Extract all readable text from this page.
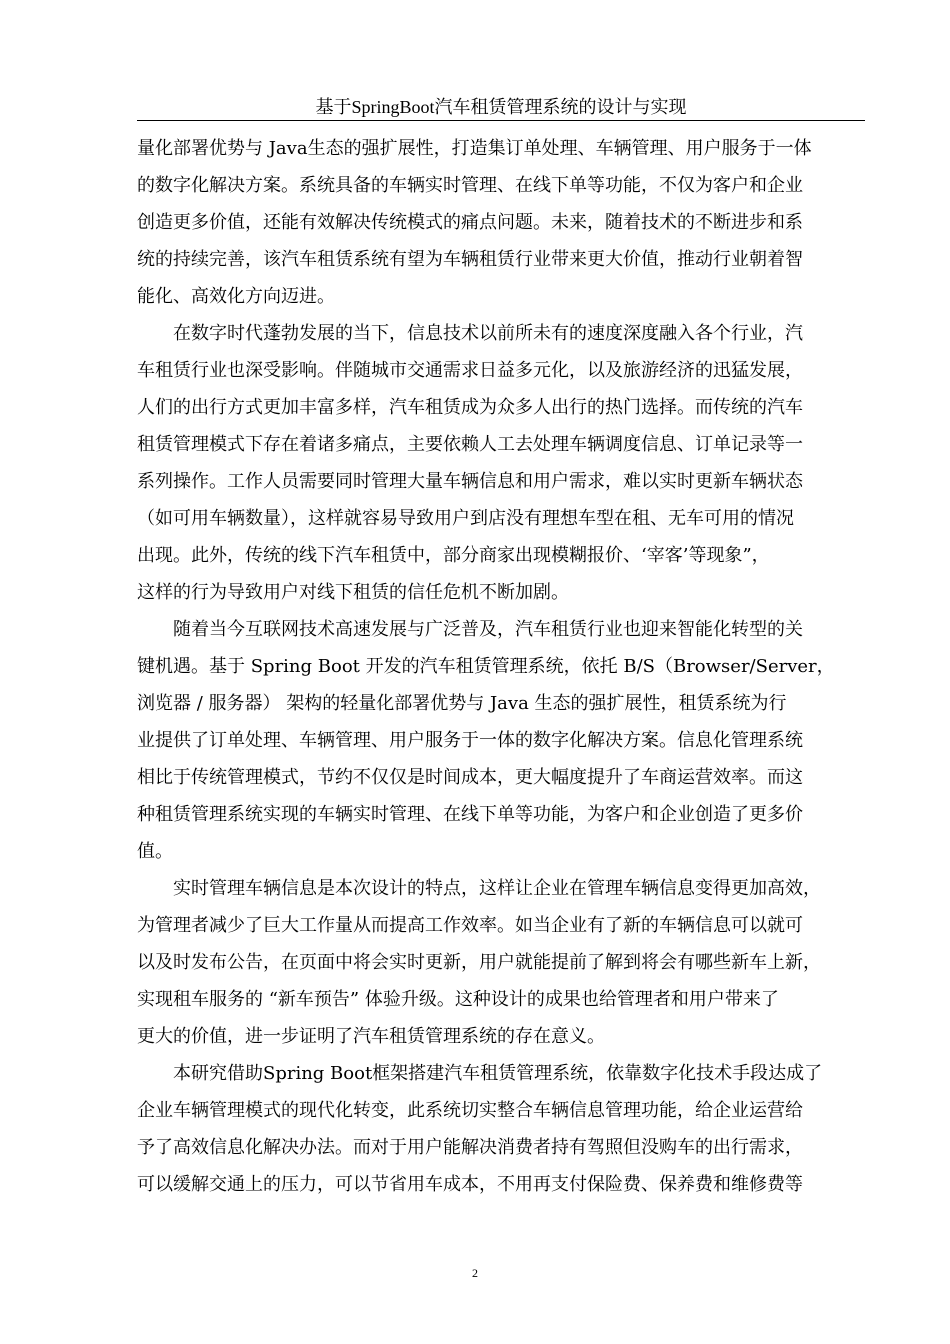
基于SpringBoot汽车租赁管理系统的设计与实现
量化部署优势与 Java生态的强扩展性，打造集订单处理、车辆管理、用户服务于一体
的数字化解决方案。系统具备的车辆实时管理、在线下单等功能，不仅为客户和企业
创造更多价值，还能有效解决传统模式的痛点问题。未来，随着技术的不断进步和系
统的持续完善，该汽车租赁系统有望为车辆租赁行业带来更大价值，推动行业朝着智
能化、高效化方向迈进。
在数字时代蓬勃发展的当下，信息技术以前所未有的速度深度融入各个行业，汽
车租赁行业也深受影响。伴随城市交通需求日益多元化，以及旅游经济的迅猛发展，
人们的出行方式更加丰富多样，汽车租赁成为众多人出行的热门选择。而传统的汽车
租赁管理模式下存在着诸多痛点，主要依赖人工去处理车辆调度信息、订单记录等一
系列操作。工作人员需要同时管理大量车辆信息和用户需求，难以实时更新车辆状态
（如可用车辆数量），这样就容易导致用户到店没有理想车型在租、无车可用的情况
出现。此外，传统的线下汽车租赁中，部分商家出现模糊报价、‘宰客’等现象”，
这样的行为导致用户对线下租赁的信任危机不断加剧。
随着当今互联网技术高速发展与广泛普及，汽车租赁行业也迎来智能化转型的关
键机遇。基于 Spring Boot 开发的汽车租赁管理系统，依托 B/S（Browser/Server，
浏览器 / 服务器） 架构的轻量化部署优势与 Java 生态的强扩展性，租赁系统为行
业提供了订单处理、车辆管理、用户服务于一体的数字化解决方案。信息化管理系统
相比于传统管理模式，节约不仅仅是时间成本，更大幅度提升了车商运营效率。而这
种租赁管理系统实现的车辆实时管理、在线下单等功能，为客户和企业创造了更多价
值。
实时管理车辆信息是本次设计的特点，这样让企业在管理车辆信息变得更加高效，
为管理者减少了巨大工作量从而提高工作效率。如当企业有了新的车辆信息可以就可
以及时发布公告，在页面中将会实时更新，用户就能提前了解到将会有哪些新车上新，
实现租车服务的 “新车预告” 体验升级。这种设计的成果也给管理者和用户带来了
更大的价值，进一步证明了汽车租赁管理系统的存在意义。
本研究借助Spring Boot框架搭建汽车租赁管理系统，依靠数字化技术手段达成了
企业车辆管理模式的现代化转变，此系统切实整合车辆信息管理功能，给企业运营给
予了高效信息化解决办法。而对于用户能解决消费者持有驾照但没购车的出行需求，
可以缓解交通上的压力，可以节省用车成本，不用再支付保险费、保养费和维修费等
2
